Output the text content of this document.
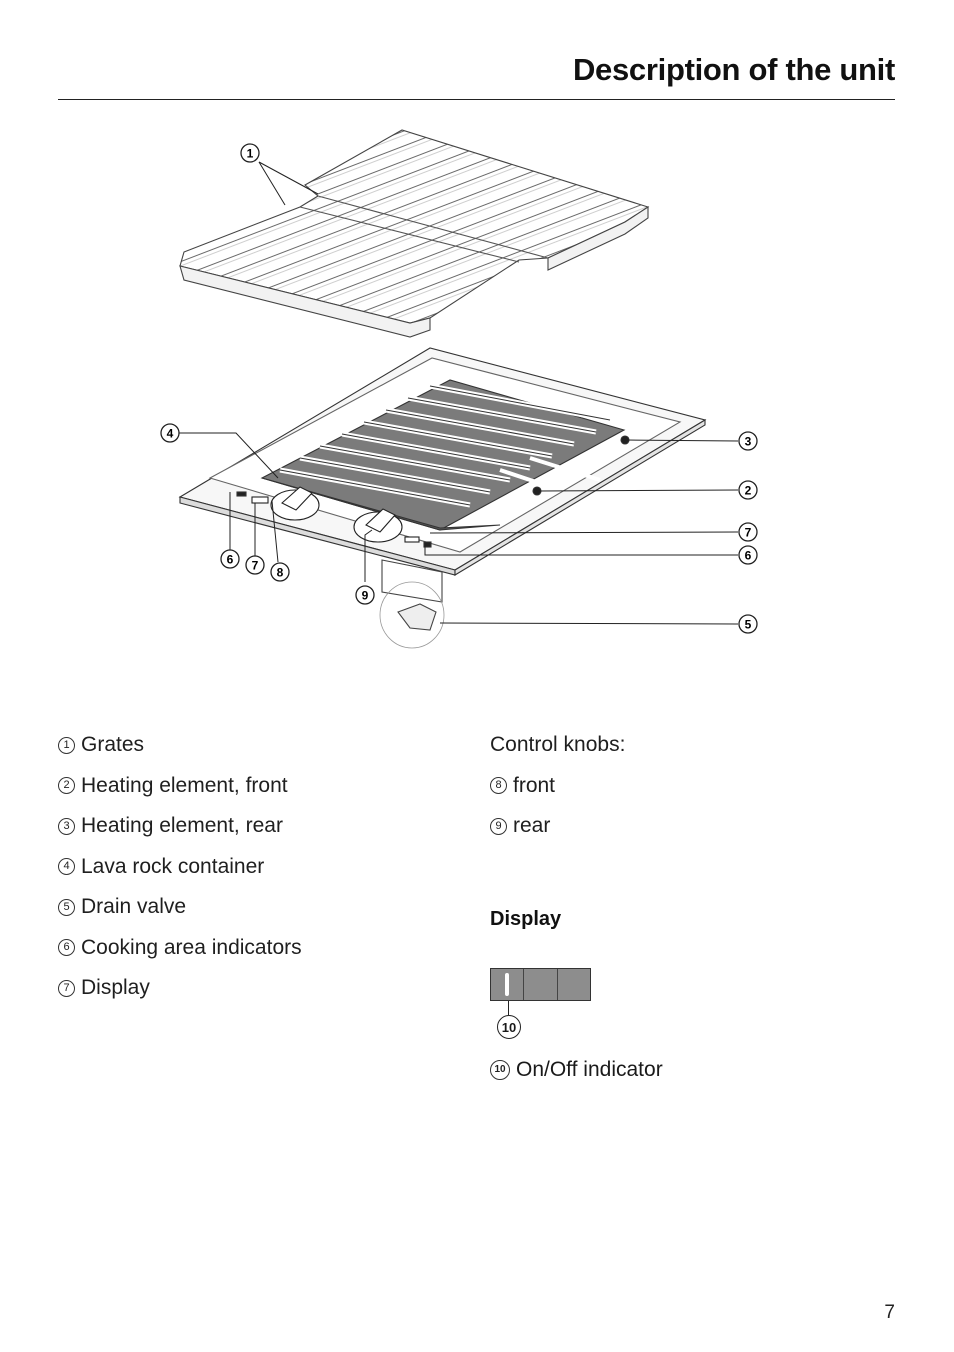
Description of the unit
1
4
3
2
7
6
6 7 8
9
5
1 Grates
2 Heating element, front
3 Heating element, rear
4 Lava rock container
5 Drain valve
6 Cooking area indicators
7 Display
Control knobs:
8 front
9 rear
Display
10
10 On/Off indicator
7
